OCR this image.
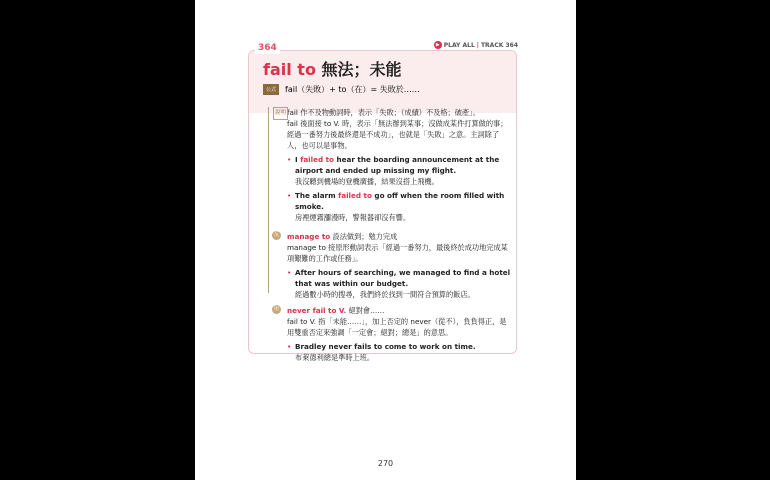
364	▶ PLAY ALL | TRACK 364
fail to 無法；未能
公式	fail（失敗）+ to（在）= 失敗於……
說明 fail 作不及物動詞時，表示「失敗；（成績）不及格；破產」。
fail 後面接 to V. 時，表示「無法辦到某事；沒做成某件打算做的事；經過一番努力後最終還是不成功」，也就是「失敗」之意。主詞除了人，也可以是事物。
• I failed to hear the boarding announcement at the airport and ended up missing my flight.
我沒聽到機場的登機廣播，結果沒搭上飛機。
• The alarm failed to go off when the room filled with smoke.
房裡煙霧瀰漫時，警報器卻沒有響。
反 manage to 設法做到；勉力完成
manage to 接原形動詞表示「經過一番努力，最後終於成功地完成某項艱難的工作或任務」。
• After hours of searching, we managed to find a hotel that was within our budget.
經過數小時的搜尋，我們終於找到一間符合預算的飯店。
衍 never fail to V. 絕對會……
fail to V. 指「未能……」，加上否定的 never（從不），負負得正，是用雙重否定來強調「一定會；絕對；總是」的意思。
• Bradley never fails to come to work on time.
布萊德利總是準時上班。
270
